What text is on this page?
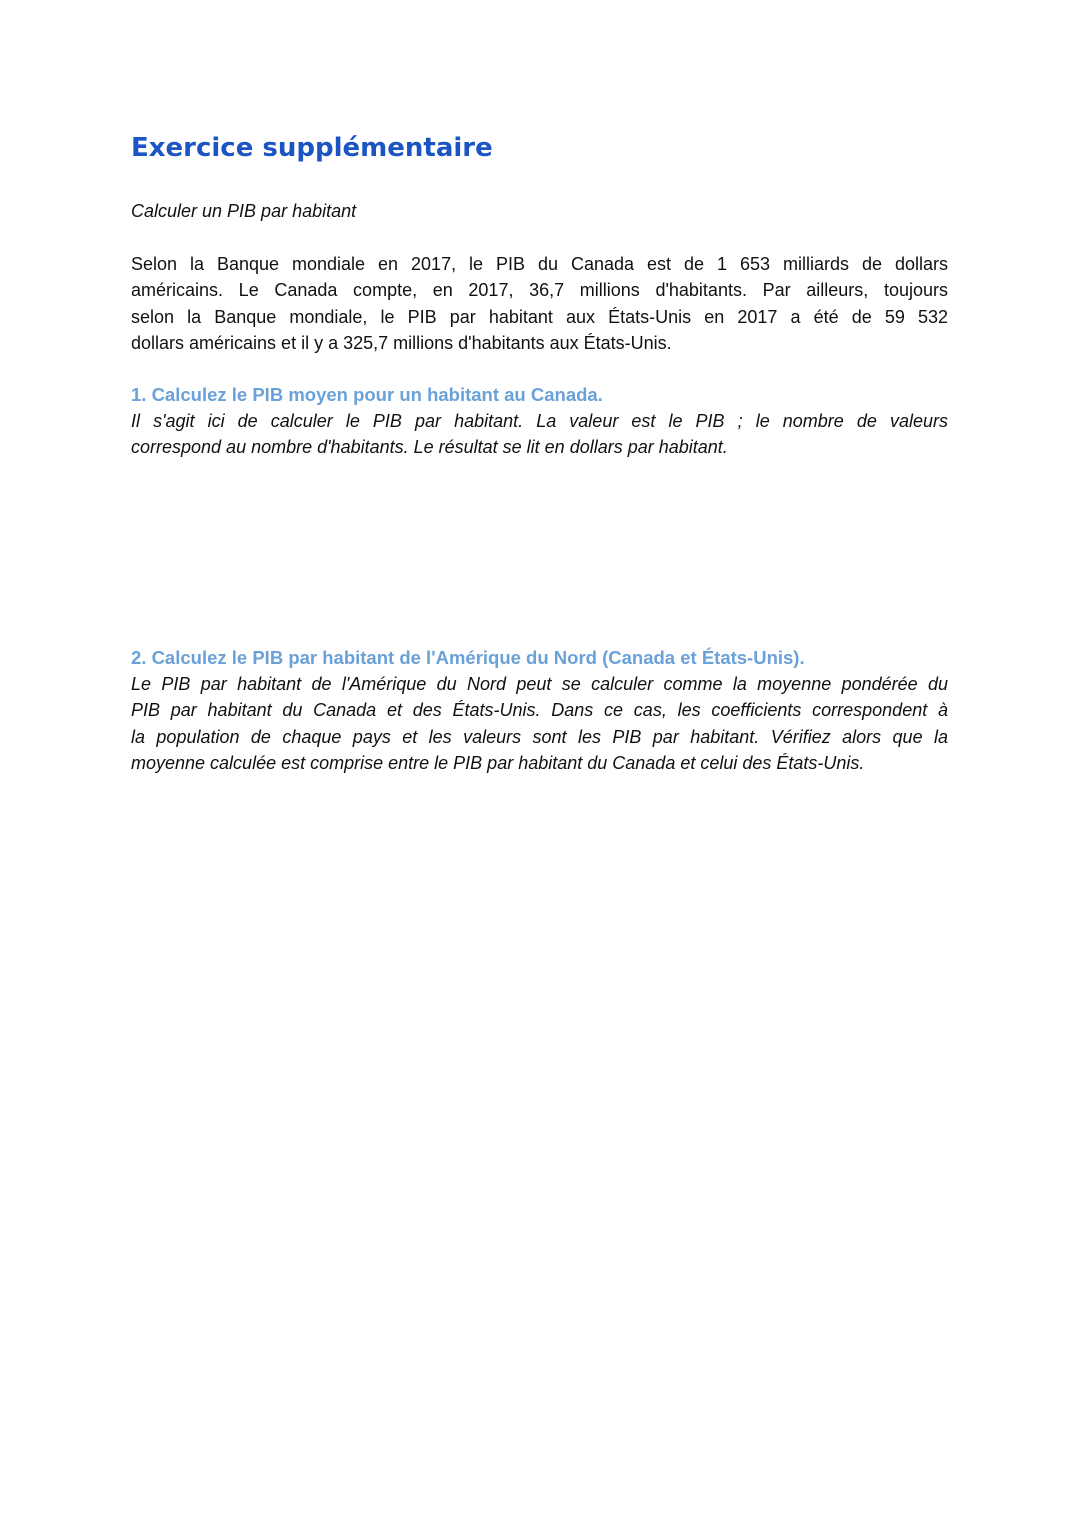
Exercice supplémentaire

Calculer un PIB par habitant

Selon la Banque mondiale en 2017, le PIB du Canada est de 1 653 milliards de dollars
américains. Le Canada compte, en 2017, 36,7 millions d'habitants. Par ailleurs, toujours
selon la Banque mondiale, le PIB par habitant aux États-Unis en 2017 a été de 59 532
dollars américains et il y a 325,7 millions d'habitants aux États-Unis.

1. Calculez le PIB moyen pour un habitant au Canada.

Il s'agit ici de calculer le PIB par habitant. La valeur est le PIB ; le nombre de valeurs
correspond au nombre d'habitants. Le résultat se lit en dollars par habitant.

2. Calculez le PIB par habitant de l'Amérique du Nord (Canada et États-Unis).

Le PIB par habitant de l'Amérique du Nord peut se calculer comme la moyenne pondérée du
PIB par habitant du Canada et des États-Unis. Dans ce cas, les coefficients correspondent à
la population de chaque pays et les valeurs sont les PIB par habitant. Vérifiez alors que la
moyenne calculée est comprise entre le PIB par habitant du Canada et celui des États-Unis.
